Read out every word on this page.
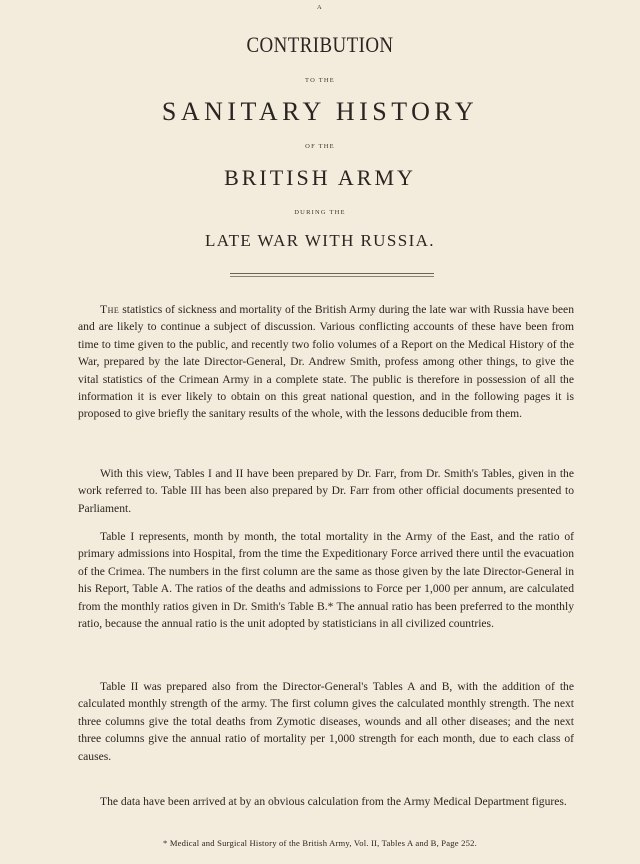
A
CONTRIBUTION
TO THE
SANITARY HISTORY
OF THE
BRITISH ARMY
DURING THE
LATE WAR WITH RUSSIA.

The statistics of sickness and mortality of the British Army during the late war with Russia have been and are likely to continue a subject of discussion. Various conflicting accounts of these have been from time to time given to the public, and recently two folio volumes of a Report on the Medical History of the War, prepared by the late Director-General, Dr. Andrew Smith, profess among other things, to give the vital statistics of the Crimean Army in a complete state. The public is therefore in possession of all the information it is ever likely to obtain on this great national question, and in the following pages it is proposed to give briefly the sanitary results of the whole, with the lessons deducible from them.

With this view, Tables I and II have been prepared by Dr. Farr, from Dr. Smith's Tables, given in the work referred to. Table III has been also prepared by Dr. Farr from other official documents presented to Parliament.

Table I represents, month by month, the total mortality in the Army of the East, and the ratio of primary admissions into Hospital, from the time the Expeditionary Force arrived there until the evacuation of the Crimea. The numbers in the first column are the same as those given by the late Director-General in his Report, Table A. The ratios of the deaths and admissions to Force per 1,000 per annum, are calculated from the monthly ratios given in Dr. Smith's Table B.* The annual ratio has been preferred to the monthly ratio, because the annual ratio is the unit adopted by statisticians in all civilized countries.

Table II was prepared also from the Director-General's Tables A and B, with the addition of the calculated monthly strength of the army. The first column gives the calculated monthly strength. The next three columns give the total deaths from Zymotic diseases, wounds and all other diseases; and the next three columns give the annual ratio of mortality per 1,000 strength for each month, due to each class of causes.

The data have been arrived at by an obvious calculation from the Army Medical Department figures.

* Medical and Surgical History of the British Army, Vol. II, Tables A and B, Page 252.
